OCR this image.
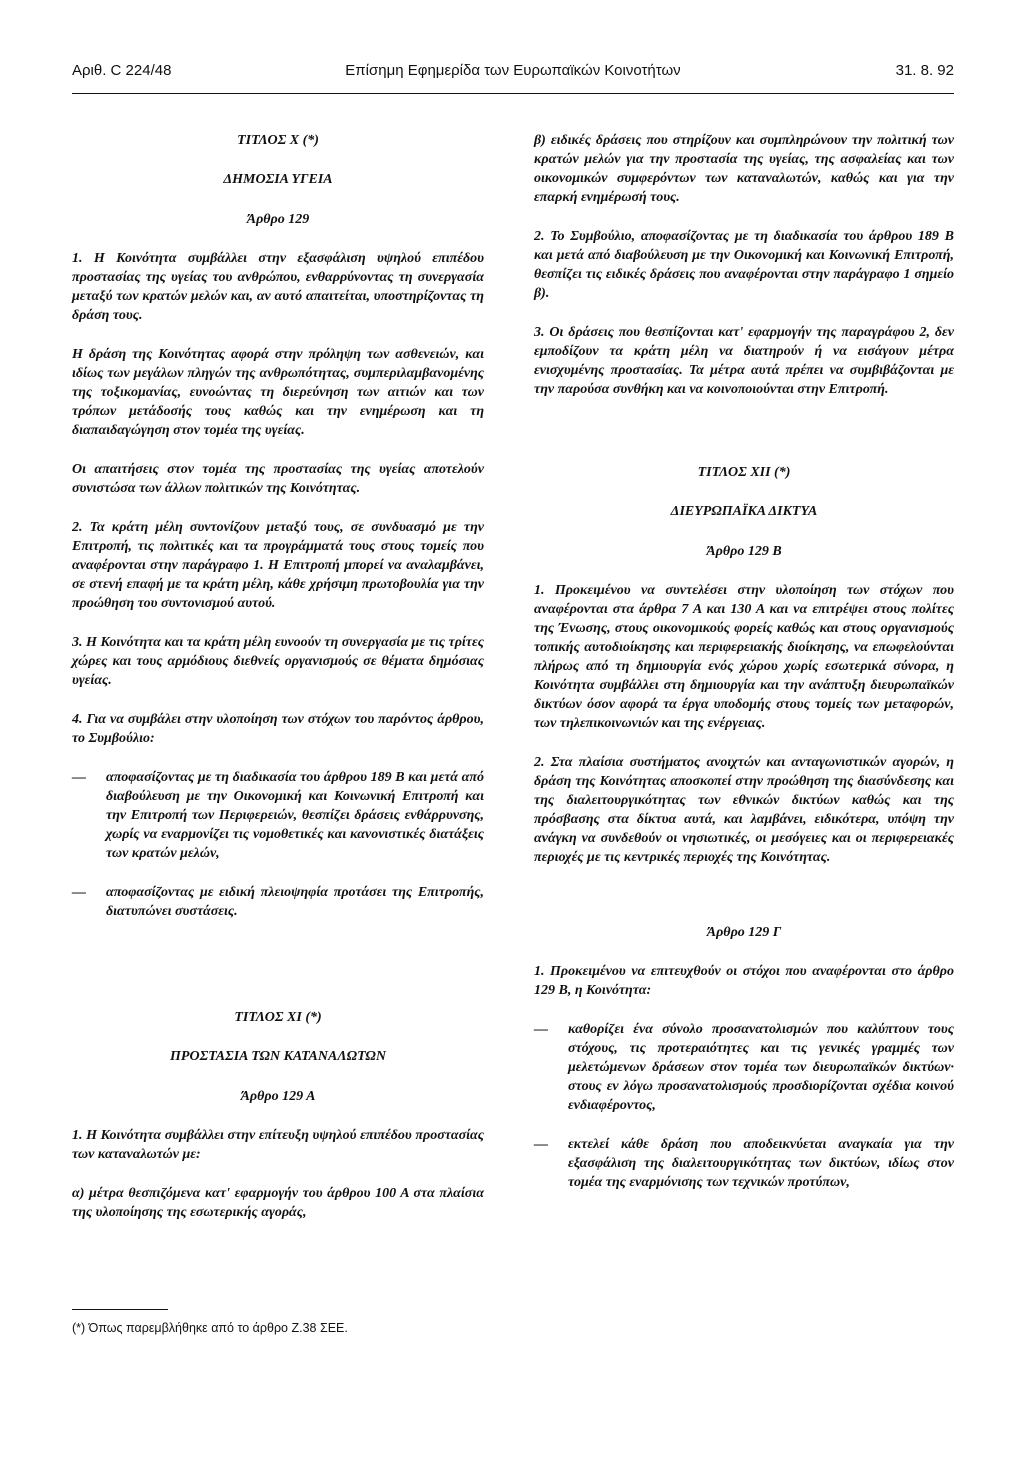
Αριθ. C 224/48	Επίσημη Εφημερίδα των Ευρωπαϊκών Κοινοτήτων	31. 8. 92

ΤΙΤΛΟΣ Χ (*)

ΔΗΜΟΣΙΑ ΥΓΕΙΑ

Άρθρο 129

1. Η Κοινότητα συμβάλλει στην εξασφάλιση υψηλού επιπέδου προστασίας της υγείας του ανθρώπου, ενθαρρύνοντας τη συνεργασία μεταξύ των κρατών μελών και, αν αυτό απαιτείται, υποστηρίζοντας τη δράση τους.

Η δράση της Κοινότητας αφορά στην πρόληψη των ασθενειών, και ιδίως των μεγάλων πληγών της ανθρωπότητας, συμπεριλαμβανομένης της τοξικομανίας, ευνοώντας τη διερεύνηση των αιτιών και των τρόπων μετάδοσής τους καθώς και την ενημέρωση και τη διαπαιδαγώγηση στον τομέα της υγείας.

Οι απαιτήσεις στον τομέα της προστασίας της υγείας αποτελούν συνιστώσα των άλλων πολιτικών της Κοινότητας.

2. Τα κράτη μέλη συντονίζουν μεταξύ τους, σε συνδυασμό με την Επιτροπή, τις πολιτικές και τα προγράμματά τους στους τομείς που αναφέρονται στην παράγραφο 1. Η Επιτροπή μπορεί να αναλαμβάνει, σε στενή επαφή με τα κράτη μέλη, κάθε χρήσιμη πρωτοβουλία για την προώθηση του συντονισμού αυτού.

3. Η Κοινότητα και τα κράτη μέλη ευνοούν τη συνεργασία με τις τρίτες χώρες και τους αρμόδιους διεθνείς οργανισμούς σε θέματα δημόσιας υγείας.

4. Για να συμβάλει στην υλοποίηση των στόχων του παρόντος άρθρου, το Συμβούλιο:

—	αποφασίζοντας με τη διαδικασία του άρθρου 189 Β και μετά από διαβούλευση με την Οικονομική και Κοινωνική Επιτροπή και την Επιτροπή των Περιφερειών, θεσπίζει δράσεις ενθάρρυνσης, χωρίς να εναρμονίζει τις νομοθετικές και κανονιστικές διατάξεις των κρατών μελών,
—	αποφασίζοντας με ειδική πλειοψηφία προτάσει της Επιτροπής, διατυπώνει συστάσεις.

ΤΙΤΛΟΣ XI (*)

ΠΡΟΣΤΑΣΙΑ ΤΩΝ ΚΑΤΑΝΑΛΩΤΩΝ

Άρθρο 129 Α

1. Η Κοινότητα συμβάλλει στην επίτευξη υψηλού επιπέδου προστασίας των καταναλωτών με:

α) μέτρα θεσπιζόμενα κατ' εφαρμογήν του άρθρου 100 Α στα πλαίσια της υλοποίησης της εσωτερικής αγοράς,

(*) Όπως παρεμβλήθηκε από το άρθρο Ζ.38 ΣΕΕ.

β) ειδικές δράσεις που στηρίζουν και συμπληρώνουν την πολιτική των κρατών μελών για την προστασία της υγείας, της ασφαλείας και των οικονομικών συμφερόντων των καταναλωτών, καθώς και για την επαρκή ενημέρωσή τους.

2. Το Συμβούλιο, αποφασίζοντας με τη διαδικασία του άρθρου 189 Β και μετά από διαβούλευση με την Οικονομική και Κοινωνική Επιτροπή, θεσπίζει τις ειδικές δράσεις που αναφέρονται στην παράγραφο 1 σημείο β).

3. Οι δράσεις που θεσπίζονται κατ' εφαρμογήν της παραγράφου 2, δεν εμποδίζουν τα κράτη μέλη να διατηρούν ή να εισάγουν μέτρα ενισχυμένης προστασίας. Τα μέτρα αυτά πρέπει να συμβιβάζονται με την παρούσα συνθήκη και να κοινοποιούνται στην Επιτροπή.

ΤΙΤΛΟΣ XII (*)

ΔΙΕΥΡΩΠΑΪΚΑ ΔΙΚΤΥΑ

Άρθρο 129 Β

1. Προκειμένου να συντελέσει στην υλοποίηση των στόχων που αναφέρονται στα άρθρα 7 Α και 130 Α και να επιτρέψει στους πολίτες της Ένωσης, στους οικονομικούς φορείς καθώς και στους οργανισμούς τοπικής αυτοδιοίκησης και περιφερειακής διοίκησης, να επωφελούνται πλήρως από τη δημιουργία ενός χώρου χωρίς εσωτερικά σύνορα, η Κοινότητα συμβάλλει στη δημιουργία και την ανάπτυξη διευρωπαϊκών δικτύων όσον αφορά τα έργα υποδομής στους τομείς των μεταφορών, των τηλεπικοινωνιών και της ενέργειας.

2. Στα πλαίσια συστήματος ανοιχτών και ανταγωνιστικών αγορών, η δράση της Κοινότητας αποσκοπεί στην προώθηση της διασύνδεσης και της διαλειτουργικότητας των εθνικών δικτύων καθώς και της πρόσβασης στα δίκτυα αυτά, και λαμβάνει, ειδικότερα, υπόψη την ανάγκη να συνδεθούν οι νησιωτικές, οι μεσόγειες και οι περιφερειακές περιοχές με τις κεντρικές περιοχές της Κοινότητας.

Άρθρο 129 Γ

1. Προκειμένου να επιτευχθούν οι στόχοι που αναφέρονται στο άρθρο 129 Β, η Κοινότητα:

—	καθορίζει ένα σύνολο προσανατολισμών που καλύπτουν τους στόχους, τις προτεραιότητες και τις γενικές γραμμές των μελετώμενων δράσεων στον τομέα των διευρωπαϊκών δικτύων· στους εν λόγω προσανατολισμούς προσδιορίζονται σχέδια κοινού ενδιαφέροντος,
—	εκτελεί κάθε δράση που αποδεικνύεται αναγκαία για την εξασφάλιση της διαλειτουργικότητας των δικτύων, ιδίως στον τομέα της εναρμόνισης των τεχνικών προτύπων,
